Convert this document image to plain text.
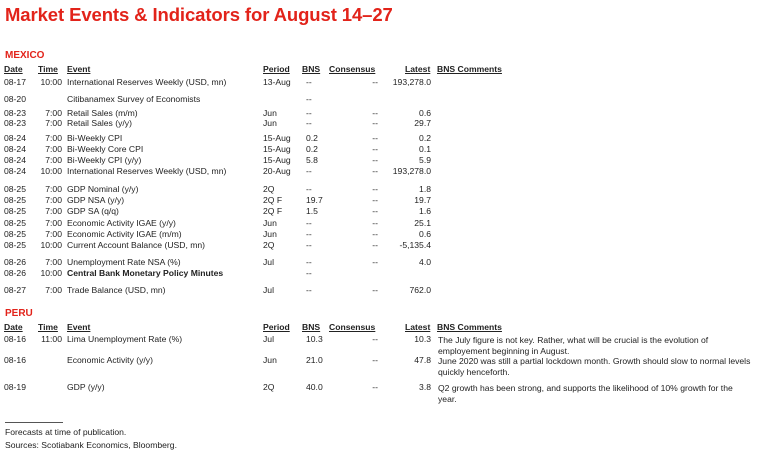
Market Events & Indicators for August 14–27
MEXICO
Date Time Event	Period BNS Consensus	Latest BNS Comments
08-17	10:00 International Reserves Weekly (USD, mn)	13-Aug --	--	193,278.0
08-20	Citibanamex Survey of Economists	--
08-23	7:00 Retail Sales (m/m)	Jun	--	--	0.6
08-23	7:00 Retail Sales (y/y)	Jun	--	--	29.7
08-24	7:00 Bi-Weekly CPI	15-Aug 0.2	--	0.2
08-24	7:00 Bi-Weekly Core CPI	15-Aug 0.2	--	0.1
08-24	7:00 Bi-Weekly CPI (y/y)	15-Aug 5.8	--	5.9
08-24	10:00 International Reserves Weekly (USD, mn)	20-Aug --	--	193,278.0
08-25	7:00 GDP Nominal (y/y)	2Q	--	--	1.8
08-25	7:00 GDP NSA (y/y)	2Q F	19.7	--	19.7
08-25	7:00 GDP SA (q/q)	2Q F	1.5	--	1.6
08-25	7:00 Economic Activity IGAE (y/y)	Jun	--	--	25.1
08-25	7:00 Economic Activity IGAE (m/m)	Jun	--	--	0.6
08-25	10:00 Current Account Balance (USD, mn)	2Q	--	--	-5,135.4
08-26	7:00 Unemployment Rate NSA (%)	Jul	--	--	4.0
08-26	10:00 Central Bank Monetary Policy Minutes	--
08-27	7:00 Trade Balance (USD, mn)	Jul	--	--	762.0
PERU
Date Time Event	Period BNS Consensus	Latest BNS Comments
08-16	11:00 Lima Unemployment Rate (%)	Jul	10.3	--	10.3 The July figure is not key. Rather, what will be crucial is the evolution of employement beginning in August.
08-16	Economic Activity (y/y)	Jun	21.0	--	47.8 June 2020 was still a partial lockdown month. Growth should slow to normal levels quickly henceforth.
08-19	GDP (y/y)	2Q	40.0	--	3.8 Q2 growth has been strong, and supports the likelihood of 10% growth for the year.
Forecasts at time of publication.
Sources: Scotiabank Economics, Bloomberg.
